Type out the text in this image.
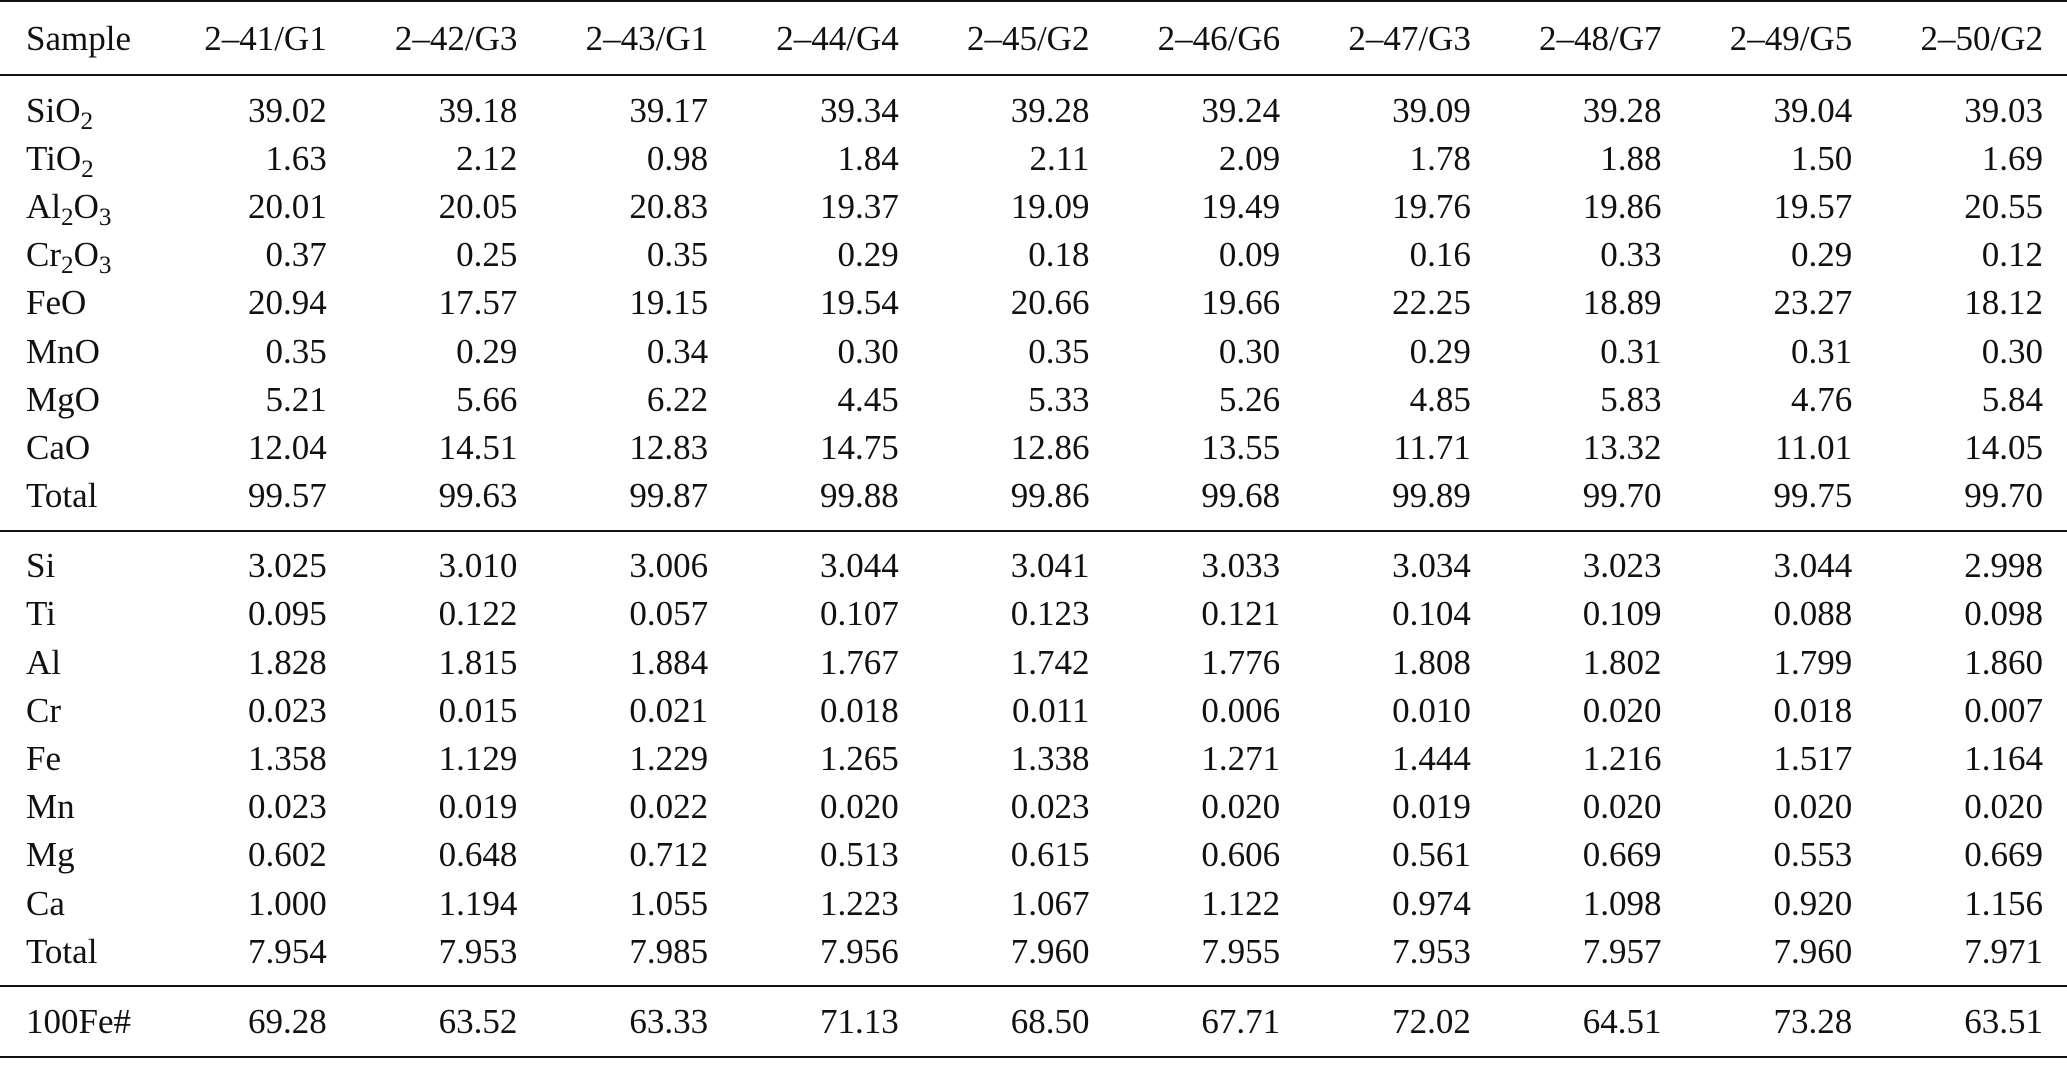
Sample	2–41/G1	2–42/G3	2–43/G1	2–44/G4	2–45/G2	2–46/G6	2–47/G3	2–48/G7	2–49/G5	2–50/G2
SiO$_2$	39.02	39.18	39.17	39.34	39.28	39.24	39.09	39.28	39.04	39.03
TiO$_2$	1.63	2.12	0.98	1.84	2.11	2.09	1.78	1.88	1.50	1.69
$Al_2O_3$	20.01	20.05	20.83	19.37	19.09	19.49	19.76	19.86	19.57	20.55
$Cr_2O_3$	0.37	0.25	0.35	0.29	0.18	0.09	0.16	0.33	0.29	0.12
FeO	20.94	17.57	19.15	19.54	20.66	19.66	22.25	18.89	23.27	18.12
MnO	0.35	0.29	0.34	0.30	0.35	0.30	0.29	0.31	0.31	0.30
MgO	5.21	5.66	6.22	4.45	5.33	5.26	4.85	5.83	4.76	5.84
CaO	12.04	14.51	12.83	14.75	12.86	13.55	11.71	13.32	11.01	14.05
Total	99.57	99.63	99.87	99.88	99.86	99.68	99.89	99.70	99.75	99.70
Si	3.025	3.010	3.006	3.044	3.041	3.033	3.034	3.023	3.044	2.998
Ti	0.095	0.122	0.057	0.107	0.123	0.121	0.104	0.109	0.088	0.098
Al	1.828	1.815	1.884	1.767	1.742	1.776	1.808	1.802	1.799	1.860
Cr	0.023	0.015	0.021	0.018	0.011	0.006	0.010	0.020	0.018	0.007
Fe	1.358	1.129	1.229	1.265	1.338	1.271	1.444	1.216	1.517	1.164
Mn	0.023	0.019	0.022	0.020	0.023	0.020	0.019	0.020	0.020	0.020
Mg	0.602	0.648	0.712	0.513	0.615	0.606	0.561	0.669	0.553	0.669
Ca	1.000	1.194	1.055	1.223	1.067	1.122	0.974	1.098	0.920	1.156
Total	7.954	7.953	7.985	7.956	7.960	7.955	7.953	7.957	7.960	7.971
100Fe#	69.28	63.52	63.33	71.13	68.50	67.71	72.02	64.51	73.28	63.51
